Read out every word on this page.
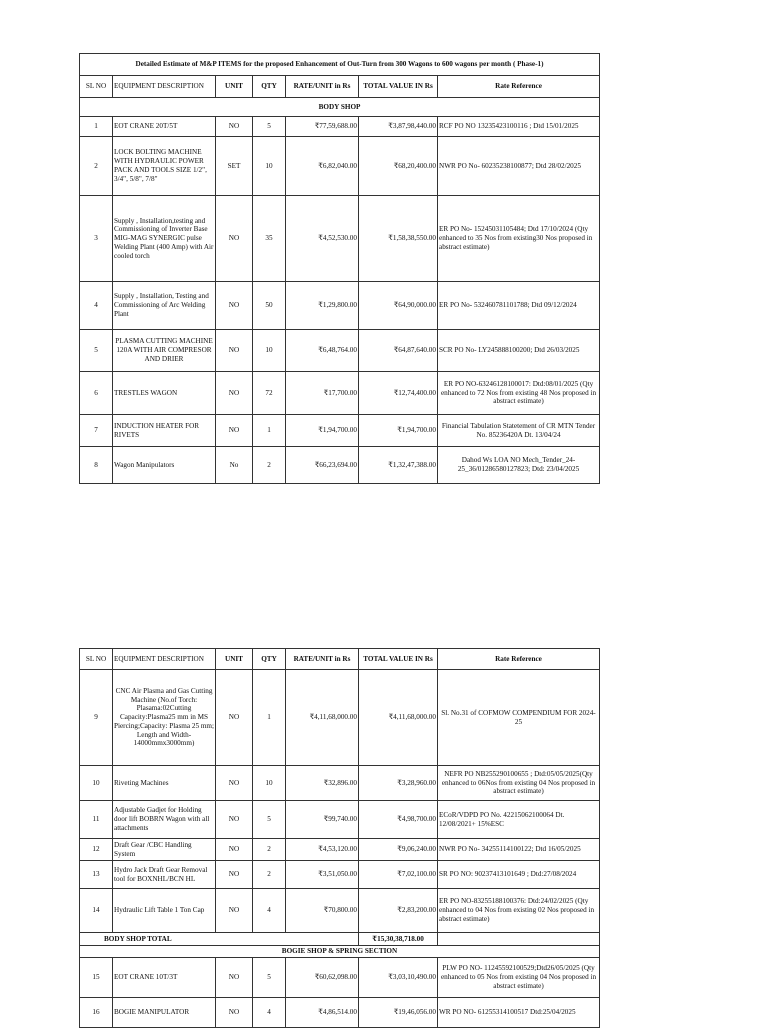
Detailed Estimate of M&P ITEMS for the proposed Enhancement of Out-Turn from 300 Wagons to 600 wagons per month ( Phase-1)						
SL NO	EQUIPMENT DESCRIPTION	UNIT	QTY	RATE/UNIT in Rs	TOTAL VALUE IN Rs	Rate Reference
BODY SHOP						
1	EOT CRANE 20T/5T	NO	5	₹77,59,688.00	₹3,87,98,440.00	RCF PO NO 13235423100116 ; Dtd 15/01/2025
2	LOCK BOLTING MACHINE WITH HYDRAULIC POWER PACK AND TOOLS SIZE 1/2", 3/4", 5/8", 7/8"	SET	10	₹6,82,040.00	₹68,20,400.00	NWR PO No- 60235238100877; Dtd 28/02/2025
3	Supply , Installation,testing and Commissioning of Inverter Base MIG-MAG SYNERGIC pulse Welding Plant (400 Amp) with Air cooled torch	NO	35	₹4,52,530.00	₹1,58,38,550.00	ER PO No- 15245031105484; Dtd 17/10/2024 (Qty enhanced to 35 Nos from existing30 Nos proposed in abstract estimate)
4	Supply , Installation, Testing and Commissioning of Arc Welding Plant	NO	50	₹1,29,800.00	₹64,90,000.00	ER PO No- 532460781101788; Dtd 09/12/2024
5	PLASMA CUTTING MACHINE 120A WITH AIR COMPRESOR AND DRIER	NO	10	₹6,48,764.00	₹64,87,640.00	SCR PO No- LY245888100200; Dtd 26/03/2025
6	TRESTLES WAGON	NO	72	₹17,700.00	₹12,74,400.00	ER PO NO-63246128100017: Dtd:08/01/2025 (Qty enhanced to 72 Nos from existing 48 Nos proposed in abstract estimate)
7	INDUCTION HEATER FOR RIVETS	NO	1	₹1,94,700.00	₹1,94,700.00	Financial Tabulation Statetement of CR MTN Tender No. 85236420A Dt. 13/04/24
8	Wagon Manipulators	No	2	₹66,23,694.00	₹1,32,47,388.00	Dahod Ws LOA NO Mech_Tender_24-25_36/01286580127823; Dtd: 23/04/2025
SL NO	EQUIPMENT DESCRIPTION	UNIT	QTY	RATE/UNIT in Rs	TOTAL VALUE IN Rs	Rate Reference
9	CNC Air Plasma and Gas Cutting Machine (No.of Torch: Plasama:02Cutting Capacity:Plasma25 mm in MS Piercing;Capacity: Plasma 25 mm; Length and Width-14000mmx3000mm)	NO	1	₹4,11,68,000.00	₹4,11,68,000.00	Sl. No.31 of COFMOW COMPENDIUM FOR 2024-25
10	Riveting Machines	NO	10	₹32,896.00	₹3,28,960.00	NEFR PO NB255290100655 ; Dtd:05/05/2025(Qty enhanced to 06Nos from existing 04 Nos proposed in abstract estimate)
11	Adjustable Gadjet for Holding door lift BOBRN Wagon with all attachments	NO	5	₹99,740.00	₹4,98,700.00	ECoR/VDPD PO No. 42215062100064 Dt. 12/08/2021+ 15%ESC
12	Draft Gear /CBC Handling System	NO	2	₹4,53,120.00	₹9,06,240.00	NWR PO No- 34255114100122; Dtd 16/05/2025
13	Hydro Jack Draft Gear Removal tool for BOXNHL/BCN HL	NO	2	₹3,51,050.00	₹7,02,100.00	SR PO NO: 90237413101649 ; Dtd:27/08/2024
14	Hydraulic Lift Table 1 Ton Cap	NO	4	₹70,800.00	₹2,83,200.00	ER PO NO-83255188100376: Dtd:24/02/2025 (Qty enhanced to 04 Nos from existing 02 Nos proposed in abstract estimate)
BODY SHOP TOTAL					₹15,30,38,718.00	
BOGIE SHOP & SPRING SECTION						
15	EOT CRANE 10T/3T	NO	5	₹60,62,098.00	₹3,03,10,490.00	PLW PO NO- 11245592100529;Dtd26/05/2025 (Qty enhanced to 05 Nos from existing 04 Nos proposed in abstract estimate)
16	BOGIE MANIPULATOR	NO	4	₹4,86,514.00	₹19,46,056.00	WR PO NO- 61255314100517 Dtd:25/04/2025
